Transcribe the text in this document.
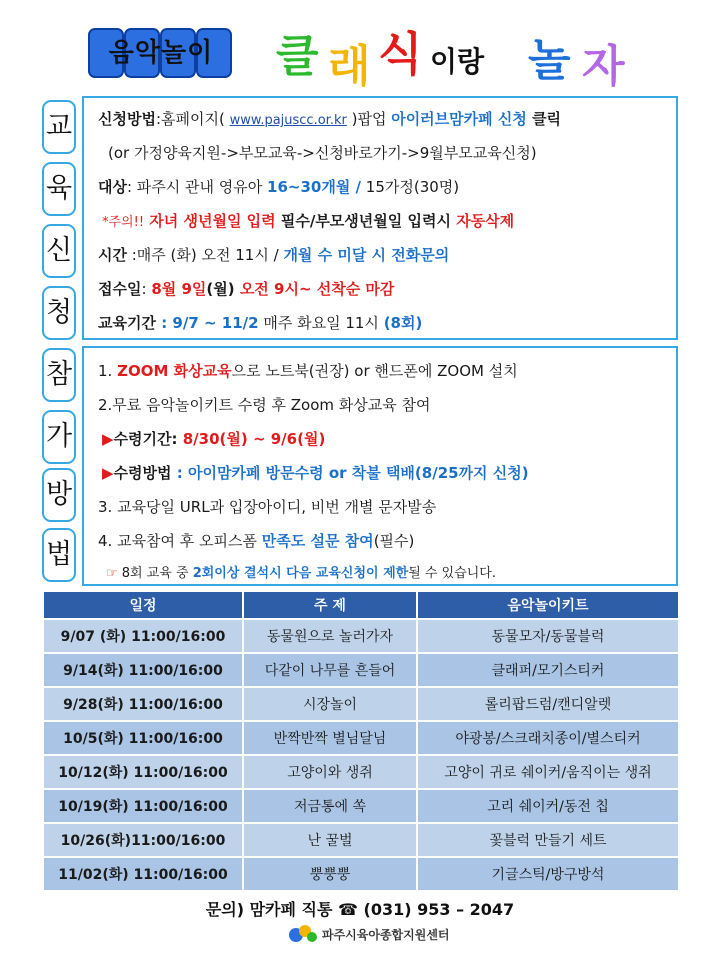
음악놀이	클 래 식 이랑 놀 자
교
육
신
청
참
가
방
법
신청방법:홈페이지( www.pajuscc.or.kr )팝업 아이러브맘카페 신청 클릭
(or 가정양육지원->부모교육->신청바로가기->9월부모교육신청)
대상: 파주시 관내 영유아 16~30개월 / 15가정(30명)
*주의!! 자녀 생년월일 입력 필수/부모생년월일 입력시 자동삭제
시간 :매주 (화) 오전 11시 / 개월 수 미달 시 전화문의
접수일: 8월 9일(월) 오전 9시~ 선착순 마감
교육기간 : 9/7 ~ 11/2 매주 화요일 11시 (8회)
1. ZOOM 화상교육으로 노트북(권장) or 핸드폰에 ZOOM 설치
2.무료 음악놀이키트 수령 후 Zoom 화상교육 참여
▶수령기간: 8/30(월) ~ 9/6(월)
▶수령방법 : 아이맘카페 방문수령 or 착불 택배(8/25까지 신청)
3. 교육당일 URL과 입장아이디, 비번 개별 문자발송
4. 교육참여 후 오피스폼 만족도 설문 참여(필수)
☞ 8회 교육 중 2회이상 결석시 다음 교육신청이 제한될 수 있습니다.
일정	주 제	음악놀이키트
9/07 (화) 11:00/16:00	동물원으로 놀러가자	동물모자/동물블럭
9/14(화) 11:00/16:00	다같이 나무를 흔들어	클래퍼/모기스티커
9/28(화) 11:00/16:00	시장놀이	롤리팝드럼/캔디알렛
10/5(화) 11:00/16:00	반짝반짝 별님달님	야광봉/스크래치종이/별스티커
10/12(화) 11:00/16:00	고양이와 생쥐	고양이 귀로 쉐이커/움직이는 생쥐
10/19(화) 11:00/16:00	저금통에 쏙	고리 쉐이커/동전 칩
10/26(화)11:00/16:00	난 꿀벌	꽃블럭 만들기 세트
11/02(화) 11:00/16:00	뿡뿡뿡	기글스틱/방구방석
문의) 맘카페 직통 ☎ (031) 953 – 2047
파주시육아종합지원센터
